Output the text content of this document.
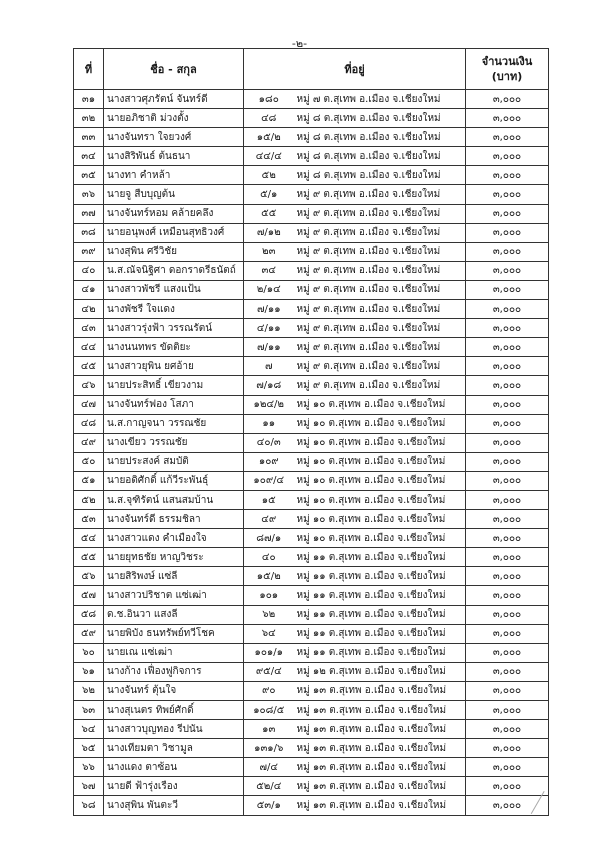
-๒-
ที่	ชื่อ - สกุล	ที่อยู่		จำนวนเงิน
(บาท)

๓๑	นางสาวศุภรัตน์ จันทร์ดี	๑๘๐	หมู่ ๗ ต.สุเทพ อ.เมือง จ.เชียงใหม่	๓,๐๐๐
๓๒	นายอภิชาติ ม่วงตั้ง	๔๘	หมู่ ๘ ต.สุเทพ อ.เมือง จ.เชียงใหม่	๓,๐๐๐
๓๓	นางจันทรา ใจยวงศ์	๑๕/๒	หมู่ ๘ ต.สุเทพ อ.เมือง จ.เชียงใหม่	๓,๐๐๐
๓๔	นางสิริพันธ์ ต้นธนา	๔๔/๔	หมู่ ๘ ต.สุเทพ อ.เมือง จ.เชียงใหม่	๓,๐๐๐
๓๕	นางทา คำหล้า	๕๒	หมู่ ๘ ต.สุเทพ อ.เมือง จ.เชียงใหม่	๓,๐๐๐
๓๖	นายจู สืบบุญต้น	๕/๑	หมู่ ๙ ต.สุเทพ อ.เมือง จ.เชียงใหม่	๓,๐๐๐
๓๗	นางจันทร์หอม คล้ายคลึง	๕๕	หมู่ ๙ ต.สุเทพ อ.เมือง จ.เชียงใหม่	๓,๐๐๐
๓๘	นายอนุพงศ์ เหมือนสุทธิวงศ์	๗/๑๒	หมู่ ๙ ต.สุเทพ อ.เมือง จ.เชียงใหม่	๓,๐๐๐
๓๙	นางสุพิน ศรีวิชัย	๒๓	หมู่ ๙ ต.สุเทพ อ.เมือง จ.เชียงใหม่	๓,๐๐๐
๔๐	น.ส.ณัจนิฐิศา ดอกราดรีธนัตถ์	๓๔	หมู่ ๙ ต.สุเทพ อ.เมือง จ.เชียงใหม่	๓,๐๐๐
๔๑	นางสาวพัชรี แสงแป้น	๒/๑๔	หมู่ ๙ ต.สุเทพ อ.เมือง จ.เชียงใหม่	๓,๐๐๐
๔๒	นางพัชรี ใจแดง	๗/๑๑	หมู่ ๙ ต.สุเทพ อ.เมือง จ.เชียงใหม่	๓,๐๐๐
๔๓	นางสาวรุ่งฟ้า วรรณรัตน์	๔/๑๑	หมู่ ๙ ต.สุเทพ อ.เมือง จ.เชียงใหม่	๓,๐๐๐
๔๔	นางนนทพร ขัดติยะ	๗/๑๑	หมู่ ๙ ต.สุเทพ อ.เมือง จ.เชียงใหม่	๓,๐๐๐
๔๕	นางสาวยุพิน ยศอ้าย	๗	หมู่ ๙ ต.สุเทพ อ.เมือง จ.เชียงใหม่	๓,๐๐๐
๔๖	นายประสิทธิ์ เขียวงาม	๗/๑๘	หมู่ ๙ ต.สุเทพ อ.เมือง จ.เชียงใหม่	๓,๐๐๐
๔๗	นางจันทร์ฟอง โสภา	๑๒๔/๒	หมู่ ๑๐ ต.สุเทพ อ.เมือง จ.เชียงใหม่	๓,๐๐๐
๔๘	น.ส.กาญจนา วรรณชัย	๑๑	หมู่ ๑๐ ต.สุเทพ อ.เมือง จ.เชียงใหม่	๓,๐๐๐
๔๙	นางเขียว วรรณชัย	๔๐/๓	หมู่ ๑๐ ต.สุเทพ อ.เมือง จ.เชียงใหม่	๓,๐๐๐
๕๐	นายประสงค์ สมบัติ	๑๐๙	หมู่ ๑๐ ต.สุเทพ อ.เมือง จ.เชียงใหม่	๓,๐๐๐
๕๑	นายอดิศักดิ์ แก้วีระพันธุ์	๑๐๙/๔	หมู่ ๑๐ ต.สุเทพ อ.เมือง จ.เชียงใหม่	๓,๐๐๐
๕๒	น.ส.จุฑิรัตน์ แสนสมบ้าน	๑๕	หมู่ ๑๐ ต.สุเทพ อ.เมือง จ.เชียงใหม่	๓,๐๐๐
๕๓	นางจันทร์ดี ธรรมชิลา	๔๙	หมู่ ๑๐ ต.สุเทพ อ.เมือง จ.เชียงใหม่	๓,๐๐๐
๕๔	นางสาวแดง คำเมืองใจ	๘๗/๑	หมู่ ๑๐ ต.สุเทพ อ.เมือง จ.เชียงใหม่	๓,๐๐๐
๕๕	นายยุทธชัย หาญวิชระ	๔๐	หมู่ ๑๑ ต.สุเทพ อ.เมือง จ.เชียงใหม่	๓,๐๐๐
๕๖	นายสิริพงษ์ แซ่ลี	๑๕/๒	หมู่ ๑๑ ต.สุเทพ อ.เมือง จ.เชียงใหม่	๓,๐๐๐
๕๗	นางสาวปริชาต แซ่เฒ่า	๑๐๑	หมู่ ๑๑ ต.สุเทพ อ.เมือง จ.เชียงใหม่	๓,๐๐๐
๕๘	ด.ช.อินวา แสงลี	๖๒	หมู่ ๑๑ ต.สุเทพ อ.เมือง จ.เชียงใหม่	๓,๐๐๐
๕๙	นายพิบัง ธนทรัพย์ทวีโชค	๖๔	หมู่ ๑๑ ต.สุเทพ อ.เมือง จ.เชียงใหม่	๓,๐๐๐
๖๐	นายเณ แซ่เฒ่า	๑๐๑/๑	หมู่ ๑๑ ต.สุเทพ อ.เมือง จ.เชียงใหม่	๓,๐๐๐
๖๑	นางก้าง เฟื่องฟูกิจการ	๙๕/๔	หมู่ ๑๒ ต.สุเทพ อ.เมือง จ.เชียงใหม่	๓,๐๐๐
๖๒	นางจันทร์ ตุ้นใจ	๙๐	หมู่ ๑๓ ต.สุเทพ อ.เมือง จ.เชียงใหม่	๓,๐๐๐
๖๓	นางสุเนตร ทิพย์ศักดิ์	๑๐๘/๕	หมู่ ๑๓ ต.สุเทพ อ.เมือง จ.เชียงใหม่	๓,๐๐๐
๖๔	นางสาวบุญทอง รีปนัน	๑๓	หมู่ ๑๓ ต.สุเทพ อ.เมือง จ.เชียงใหม่	๓,๐๐๐
๖๕	นางเทียมตา วิชามูล	๑๓๑/๖	หมู่ ๑๓ ต.สุเทพ อ.เมือง จ.เชียงใหม่	๓,๐๐๐
๖๖	นางแดง ตาซ้อน	๗/๔	หมู่ ๑๓ ต.สุเทพ อ.เมือง จ.เชียงใหม่	๓,๐๐๐
๖๗	นายดี ฟ้ารุ่งเรือง	๕๒/๔	หมู่ ๑๓ ต.สุเทพ อ.เมือง จ.เชียงใหม่	๓,๐๐๐
๖๘	นางสุพิน พันตะวี	๕๓/๑	หมู่ ๑๓ ต.สุเทพ อ.เมือง จ.เชียงใหม่	๓,๐๐๐
